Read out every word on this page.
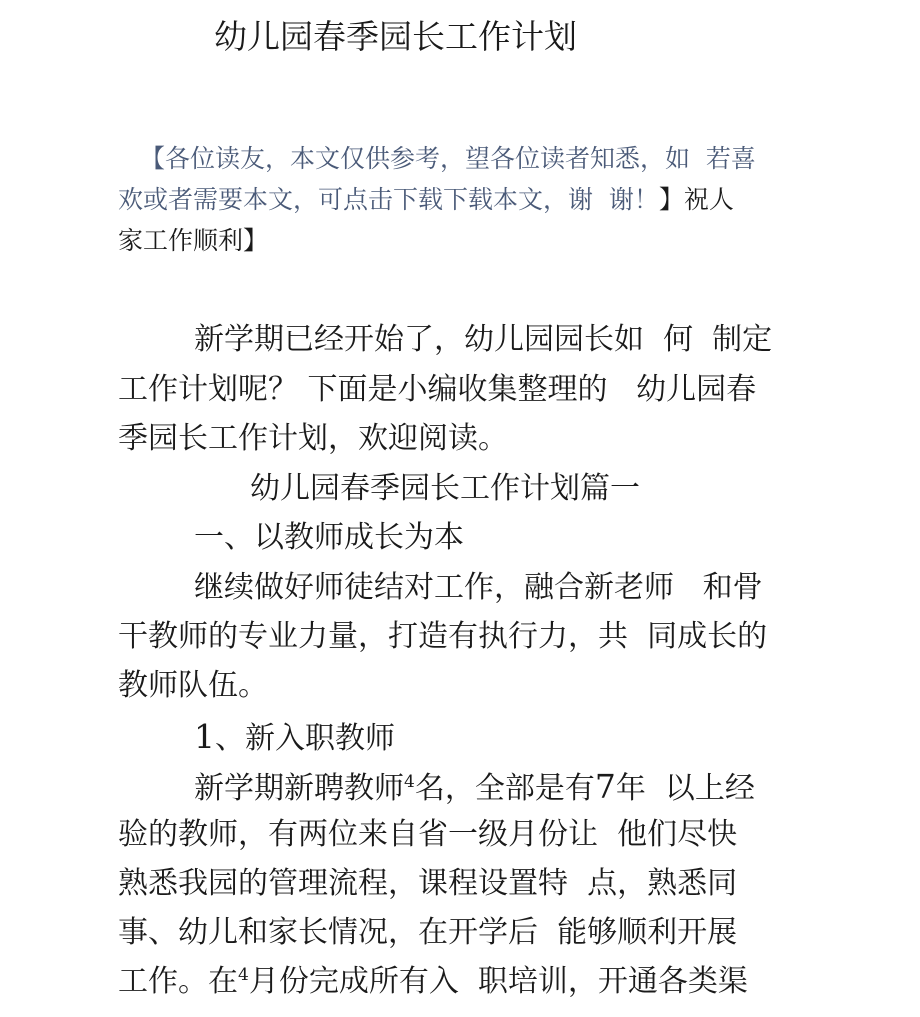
幼儿园春季园长工作计划
【各位读友，本文仅供参考，望各位读者知悉，如  若喜
欢或者需要本文，可点击下载下载本文，谢  谢！】祝人
家工作顺利】
新学期已经开始了，幼儿园园长如  何  制定
工作计划呢？ 下面是小编收集整理的   幼儿园春
季园长工作计划，欢迎阅读。
幼儿园春季园长工作计划篇一
一、以教师成长为本
继续做好师徒结对工作，融合新老师   和骨
干教师的专业力量，打造有执行力，共  同成长的
教师队伍。
1、新入职教师
新学期新聘教师$^4$名，全部是有7年  以上经
验的教师，有两位来自省一级月份让  他们尽快
熟悉我园的管理流程，课程设置特  点，熟悉同
事、幼儿和家长情况，在开学后  能够顺利开展
工作。在$^4$月份完成所有入  职培训，开通各类渠
